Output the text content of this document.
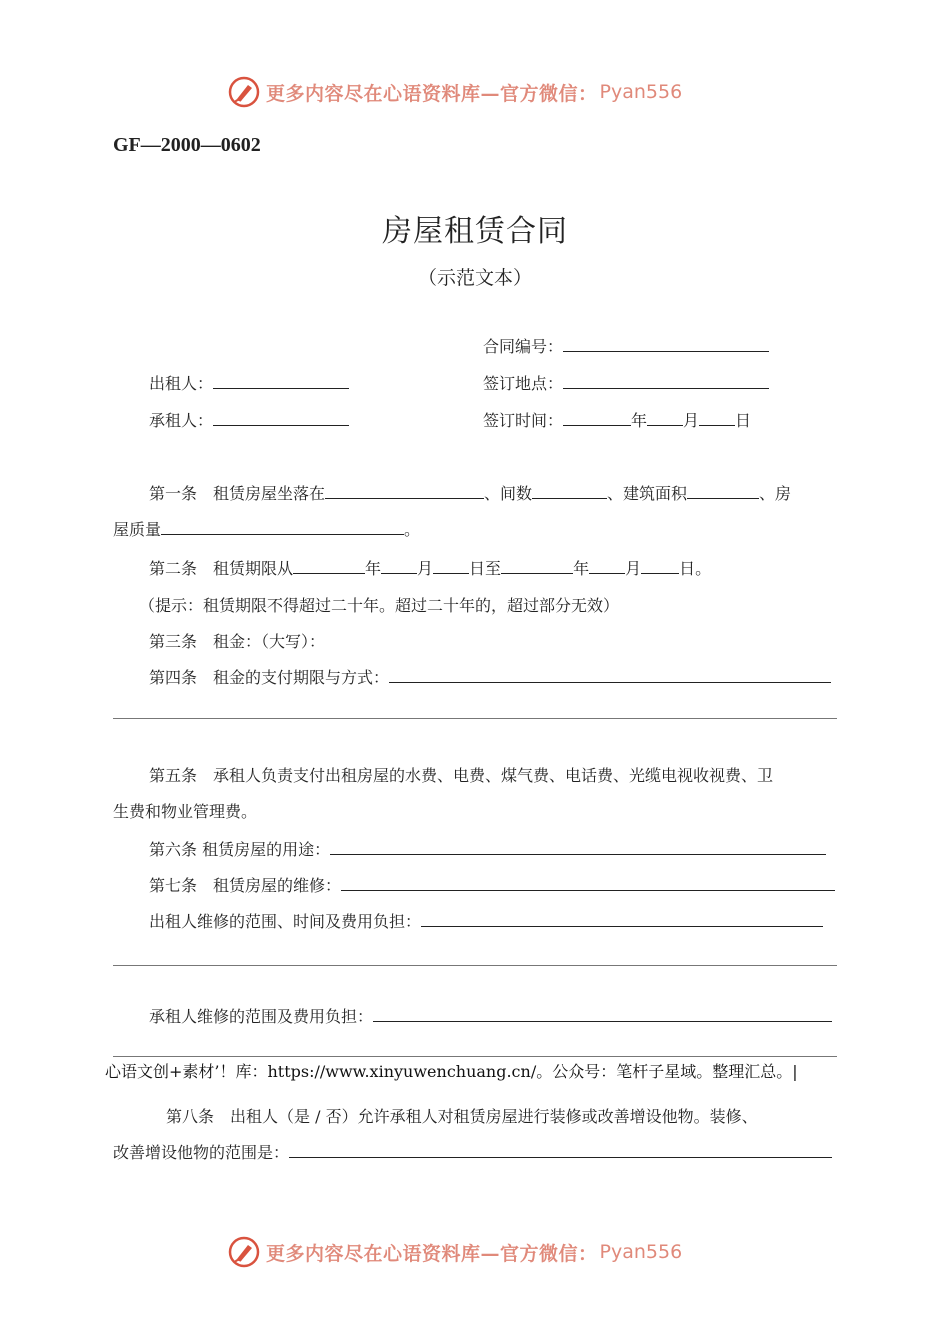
更多内容尽在心语资料库—官方微信： Pyan556
GF—2000—0602
房屋租赁合同
（示范文本）
合同编号：
出租人：	签订地点：
承租人：	签订时间：	年 月 日
第一条　租赁房屋坐落在	、间数	、建筑面积	、房
屋质量	。
第二条　租赁期限从	年 月 日至	年 月 日。
（提示：租赁期限不得超过二十年。超过二十年的，超过部分无效）
第三条　租金：（大写）：
第四条　租金的支付期限与方式：
第五条　承租人负责支付出租房屋的水费、电费、煤气费、电话费、光缆电视收视费、卫
生费和物业管理费。
第六条 租赁房屋的用途：
第七条　租赁房屋的维修：
出租人维修的范围、时间及费用负担：
承租人维修的范围及费用负担：
心语文创+素材’！库：https://www.xinyuwenchuang.cn/。公众号：笔杆子星域。整理汇总。|
第八条　出租人（是 / 否）允许承租人对租赁房屋进行装修或改善增设他物。装修、
改善增设他物的范围是：
更多内容尽在心语资料库—官方微信： Pyan556
